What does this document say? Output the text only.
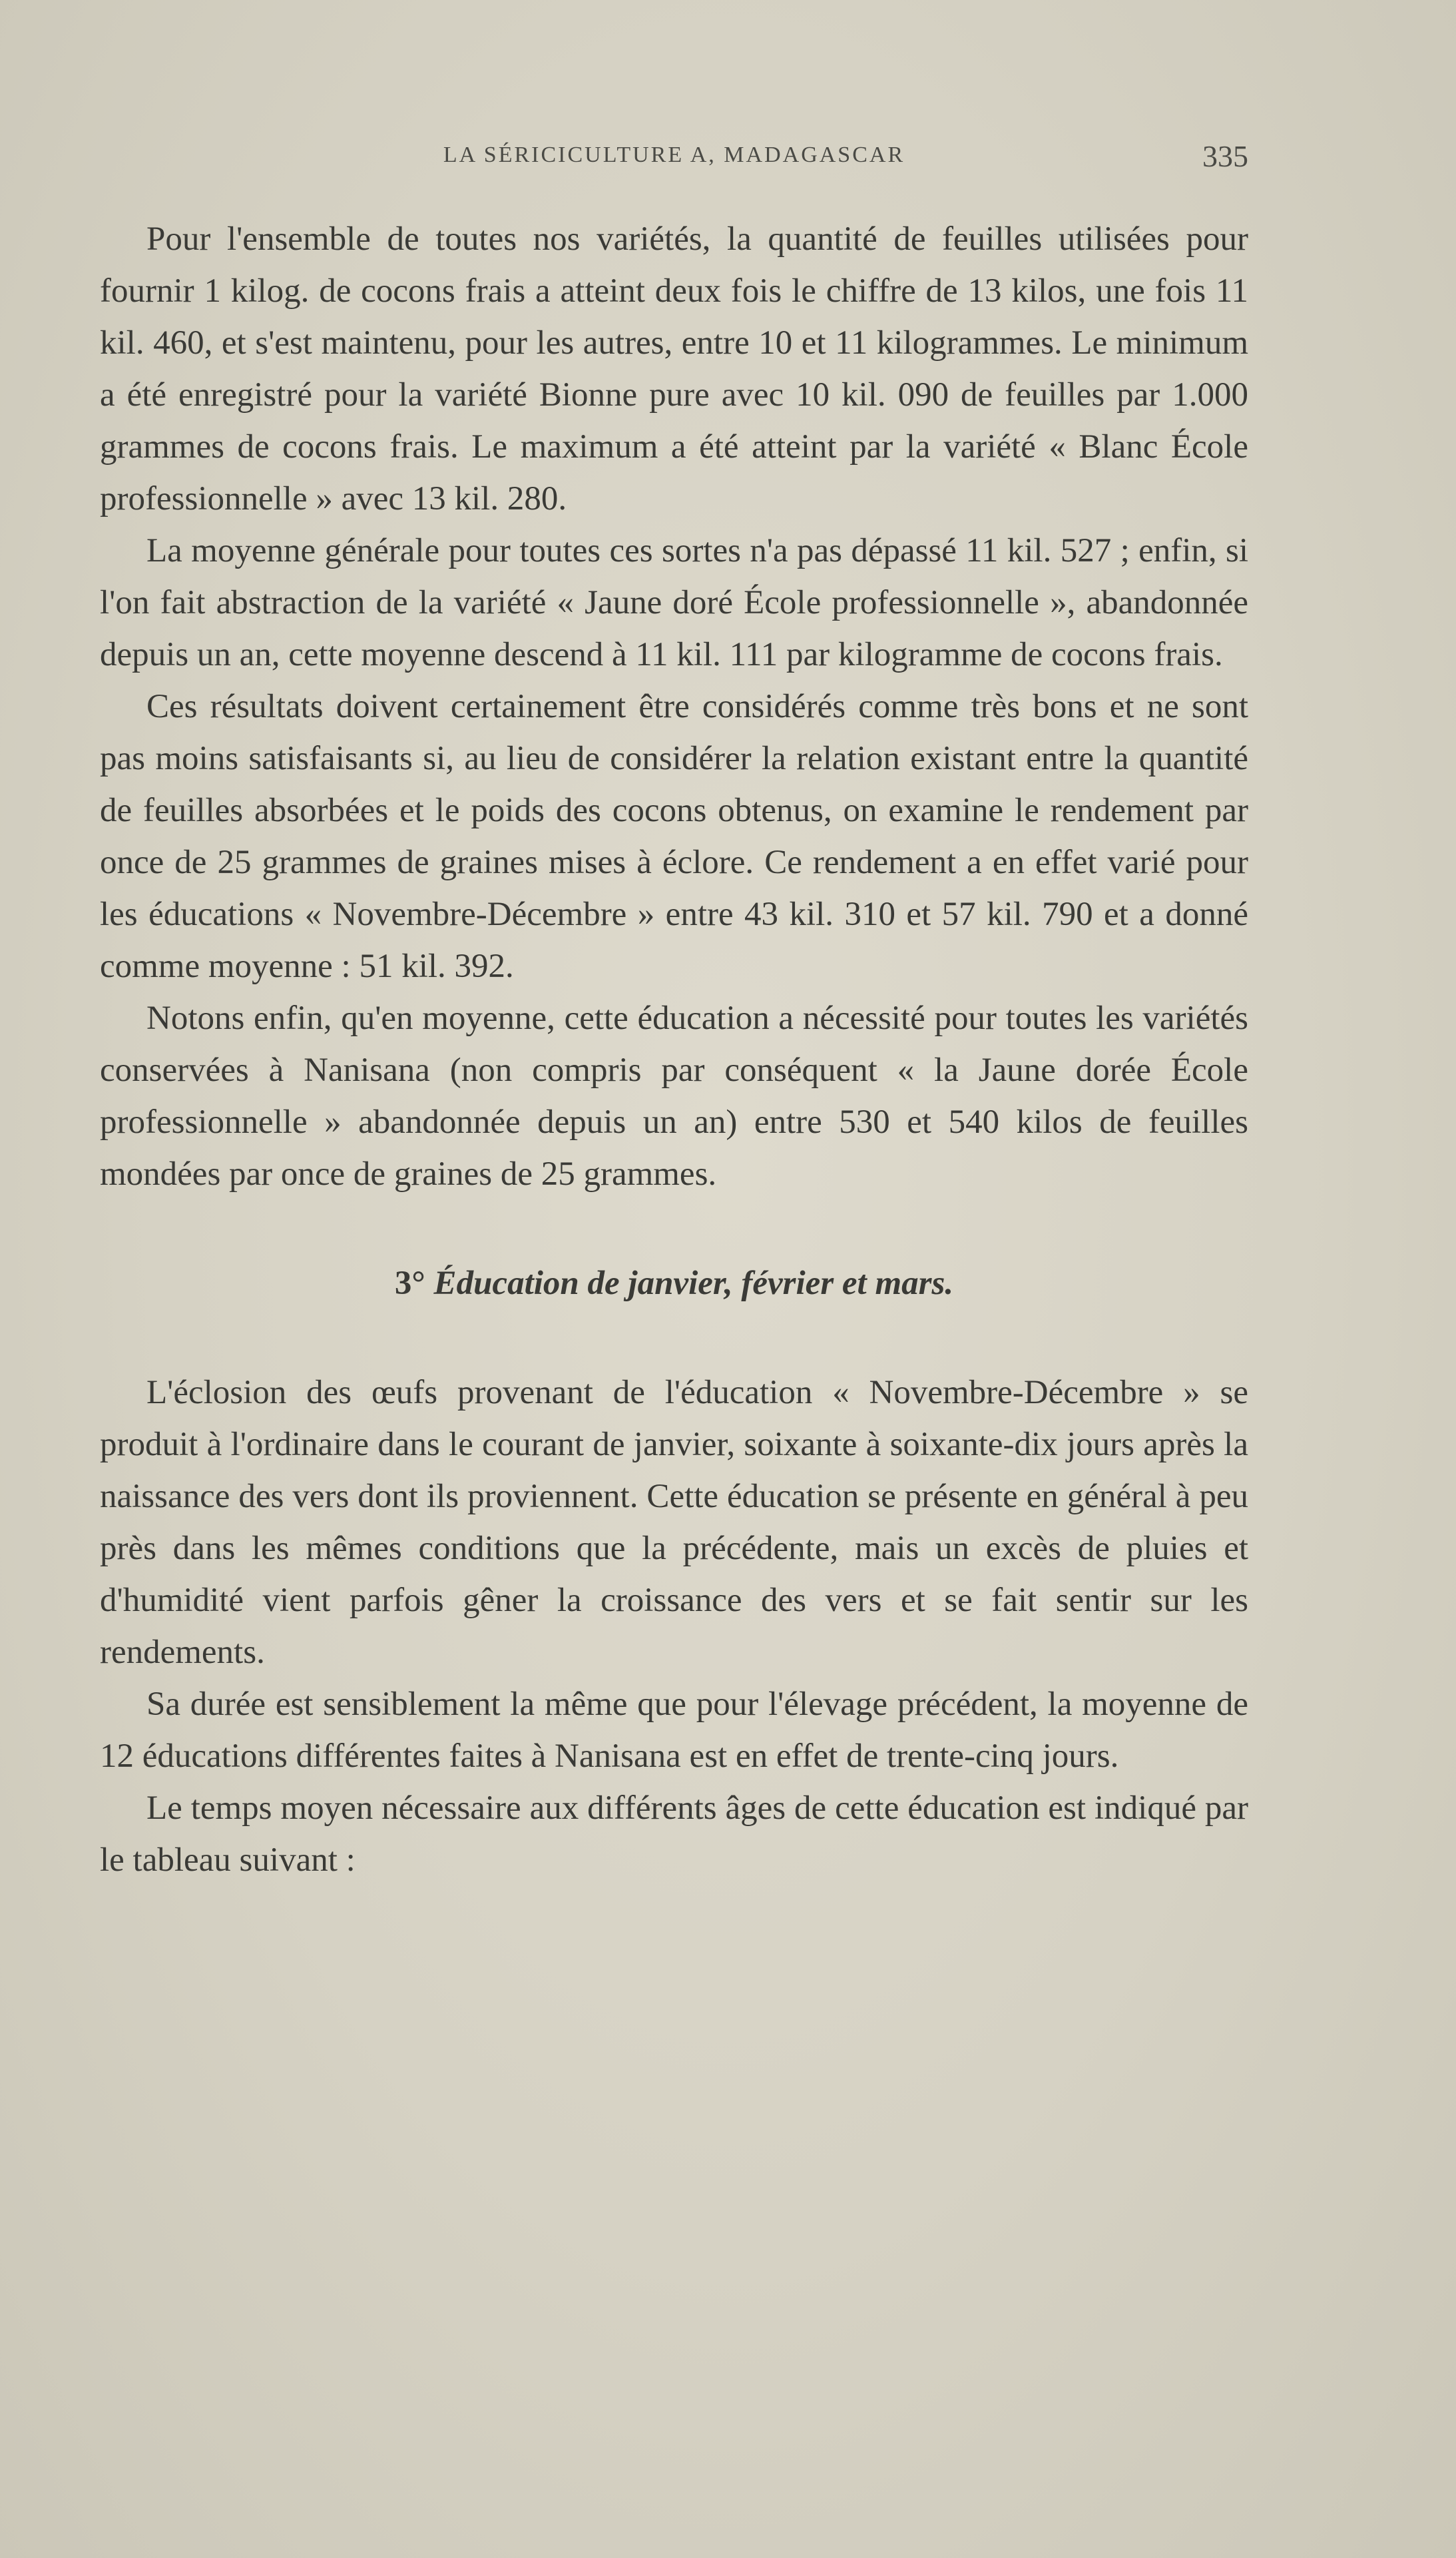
LA SÉRICICULTURE A, MADAGASCAR	335

Pour l'ensemble de toutes nos variétés, la quantité de feuilles utilisées pour fournir 1 kilog. de cocons frais a atteint deux fois le chiffre de 13 kilos, une fois 11 kil. 460, et s'est maintenu, pour les autres, entre 10 et 11 kilogrammes. Le minimum a été enregistré pour la variété Bionne pure avec 10 kil. 090 de feuilles par 1.000 grammes de cocons frais. Le maximum a été atteint par la variété « Blanc École professionnelle » avec 13 kil. 280.

La moyenne générale pour toutes ces sortes n'a pas dépassé 11 kil. 527 ; enfin, si l'on fait abstraction de la variété « Jaune doré École professionnelle », abandonnée depuis un an, cette moyenne descend à 11 kil. 111 par kilogramme de cocons frais.

Ces résultats doivent certainement être considérés comme très bons et ne sont pas moins satisfaisants si, au lieu de considérer la relation existant entre la quantité de feuilles absorbées et le poids des cocons obtenus, on examine le rendement par once de 25 grammes de graines mises à éclore. Ce rendement a en effet varié pour les éducations « Novembre-Décembre » entre 43 kil. 310 et 57 kil. 790 et a donné comme moyenne : 51 kil. 392.

Notons enfin, qu'en moyenne, cette éducation a nécessité pour toutes les variétés conservées à Nanisana (non compris par conséquent « la Jaune dorée École professionnelle » abandonnée depuis un an) entre 530 et 540 kilos de feuilles mondées par once de graines de 25 grammes.

3° Éducation de janvier, février et mars.

L'éclosion des œufs provenant de l'éducation « Novembre-Décembre » se produit à l'ordinaire dans le courant de janvier, soixante à soixante-dix jours après la naissance des vers dont ils proviennent. Cette éducation se présente en général à peu près dans les mêmes conditions que la précédente, mais un excès de pluies et d'humidité vient parfois gêner la croissance des vers et se fait sentir sur les rendements.

Sa durée est sensiblement la même que pour l'élevage précédent, la moyenne de 12 éducations différentes faites à Nanisana est en effet de trente-cinq jours.

Le temps moyen nécessaire aux différents âges de cette éducation est indiqué par le tableau suivant :
